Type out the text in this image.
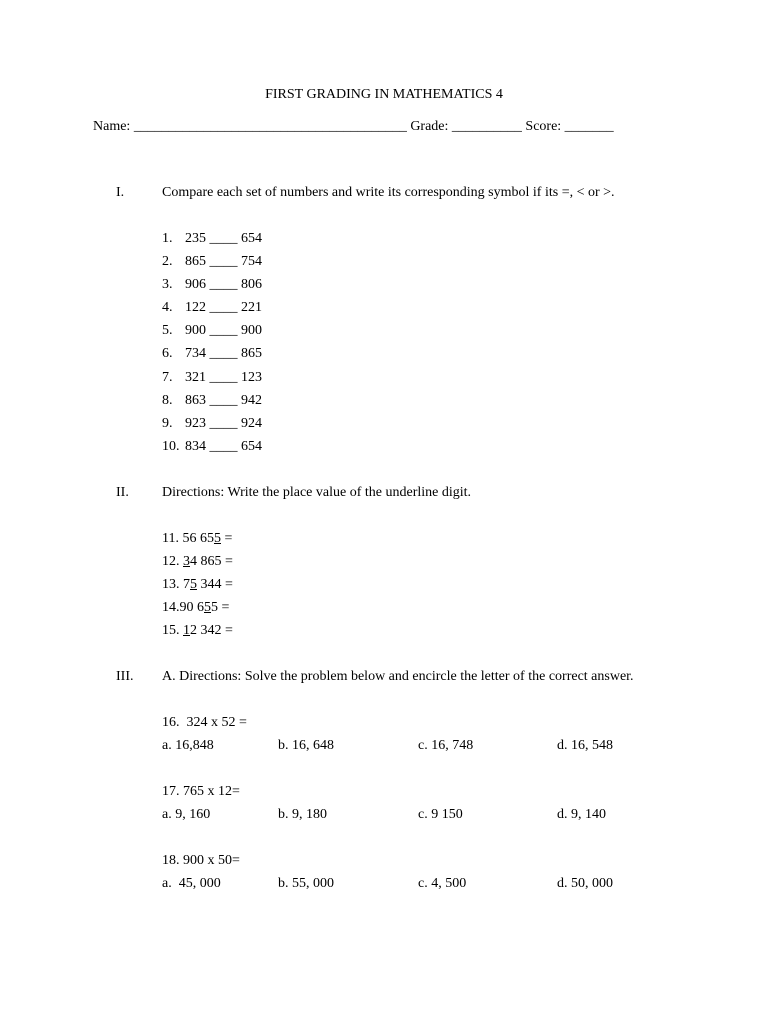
FIRST GRADING IN MATHEMATICS 4
Name: _______________________________________ Grade: __________ Score: _______
I.	Compare each set of numbers and write its corresponding symbol if its =, < or >.
1. 235 ____ 654
2. 865 ____ 754
3. 906 ____ 806
4. 122 ____ 221
5. 900 ____ 900
6. 734 ____ 865
7. 321 ____ 123
8. 863 ____ 942
9. 923 ____ 924
10. 834 ____ 654
II. Directions: Write the place value of the underline digit.
11. 56 655 =
12. 34 865 =
13. 75 344 =
14.90 655 =
15. 12 342 =
III. A. Directions: Solve the problem below and encircle the letter of the correct answer.
16.  324 x 52 =
a. 16,848	b. 16, 648	c. 16, 748	d. 16, 548
17. 765 x 12=
a. 9, 160	b. 9, 180	c. 9 150	d. 9, 140
18. 900 x 50=
a.  45, 000	b. 55, 000	c. 4, 500	d. 50, 000
